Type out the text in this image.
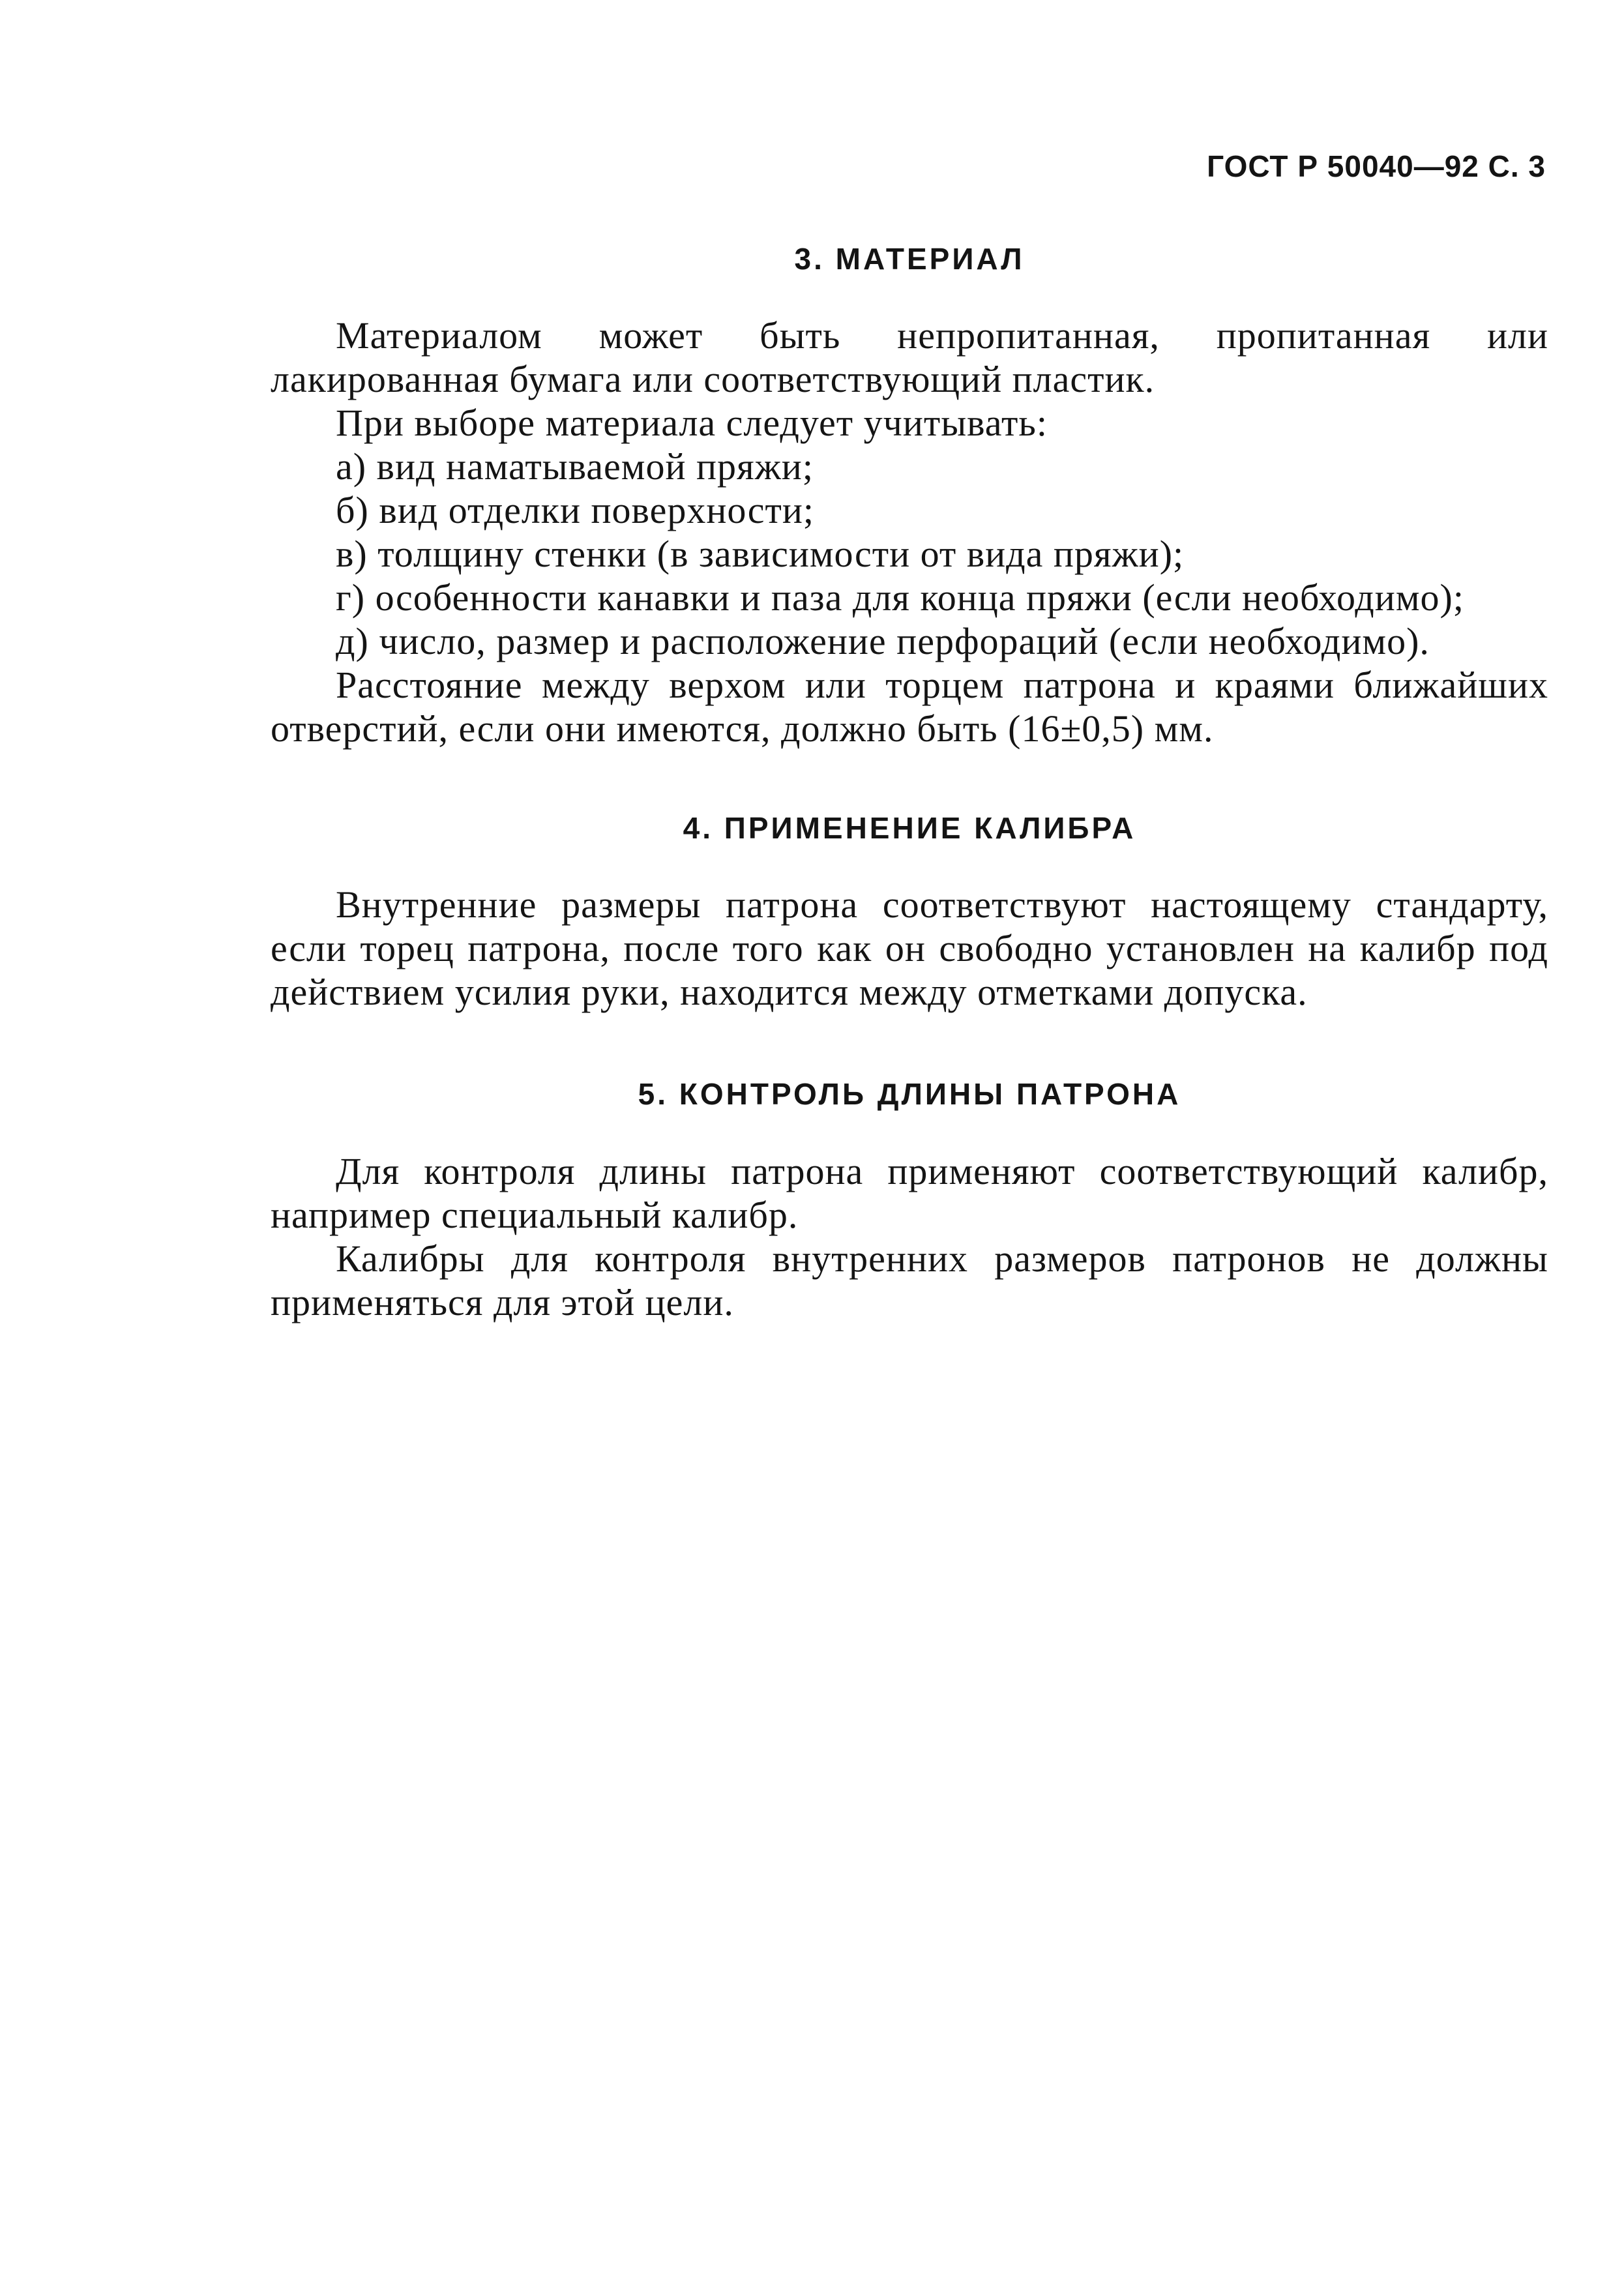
ГОСТ Р 50040—92 С. 3
3. МАТЕРИАЛ

Материалом может быть непропитанная, пропитанная или лакированная бумага или соответствующий пластик.

При выборе материала следует учитывать:

а) вид наматываемой пряжи;

б) вид отделки поверхности;

в) толщину стенки (в зависимости от вида пряжи);

г) особенности канавки и паза для конца пряжи (если необходимо);

д) число, размер и расположение перфораций (если необходимо).

Расстояние между верхом или торцем патрона и краями ближайших отверстий, если они имеются, должно быть (16±0,5) мм.

4. ПРИМЕНЕНИЕ КАЛИБРА

Внутренние размеры патрона соответствуют настоящему стандарту, если торец патрона, после того как он свободно установлен на калибр под действием усилия руки, находится между отметками допуска.

5. КОНТРОЛЬ ДЛИНЫ ПАТРОНА

Для контроля длины патрона применяют соответствующий калибр, например специальный калибр.

Калибры для контроля внутренних размеров патронов не должны применяться для этой цели.
